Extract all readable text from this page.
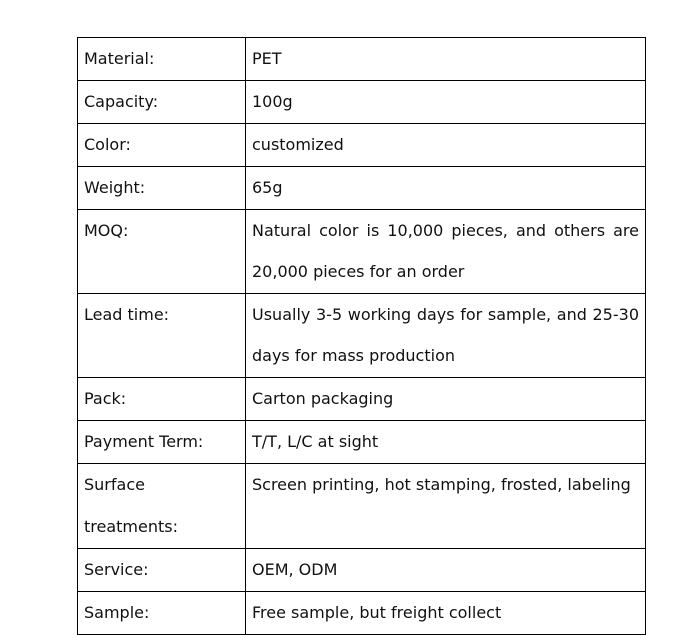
Material:	PET
Capacity:	100g
Color:	customized
Weight:	65g
MOQ:	Natural color is 10,000 pieces, and others are 20,000 pieces for an order
Lead time:	Usually 3-5 working days for sample, and 25-30 days for mass production
Pack:	Carton packaging
Payment Term:	T/T, L/C at sight
Surface treatments:	Screen printing, hot stamping, frosted, labeling
Service:	OEM, ODM
Sample:	Free sample, but freight collect
